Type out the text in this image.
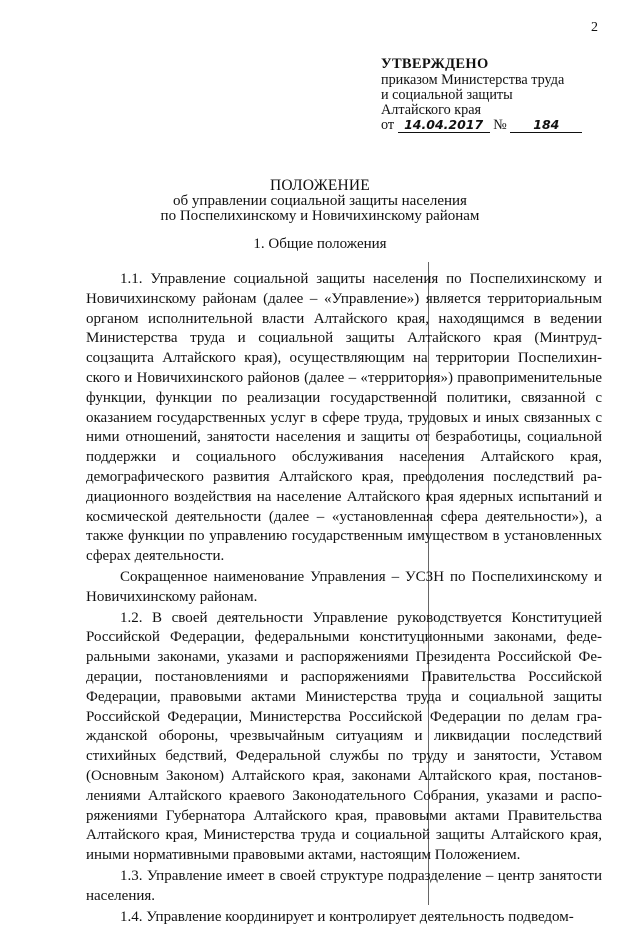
2
УТВЕРЖДЕНО
приказом Министерства труда
и социальной защиты
Алтайского края
от 14.04.2017 № 184
ПОЛОЖЕНИЕ
об управлении социальной защиты населения
по Поспелихинскому и Новичихинскому районам
1. Общие положения

1.1. Управление социальной защиты населения по Поспелихинскому и Новичихинскому районам (далее – «Управление») является территориальным органом исполнительной власти Алтайского края, находящимся в ведении Министерства труда и социальной защиты Алтайского края (Минтрудсоцзащита Алтайского края), осуществляющим на территории Поспелихинского и Новичихинского районов (далее – «территория») правоприменительные функции, функции по реализации государственной политики, связанной с оказанием государственных услуг в сфере труда, трудовых и иных связанных с ними отношений, занятости населения и защиты от безработицы, социальной поддержки и социального обслуживания населения Алтайского края, демографического развития Алтайского края, преодоления последствий радиационного воздействия на население Алтайского края ядерных испытаний и космической деятельности (далее – «установленная сфера деятельности»), а также функции по управлению государственным имуществом в установленных сферах деятельности.

Сокращенное наименование Управления – УСЗН по Поспелихинскому и Новичихинскому районам.

1.2. В своей деятельности Управление руководствуется Конституцией Российской Федерации, федеральными конституционными законами, федеральными законами, указами и распоряжениями Президента Российской Федерации, постановлениями и распоряжениями Правительства Российской Федерации, правовыми актами Министерства труда и социальной защиты Российской Федерации, Министерства Российской Федерации по делам гражданской обороны, чрезвычайным ситуациям и ликвидации последствий стихийных бедствий, Федеральной службы по труду и занятости, Уставом (Основным Законом) Алтайского края, законами Алтайского края, постановлениями Алтайского краевого Законодательного Собрания, указами и распоряжениями Губернатора Алтайского края, правовыми актами Правительства Алтайского края, Министерства труда и социальной защиты Алтайского края, иными нормативными правовыми актами, настоящим Положением.

1.3. Управление имеет в своей структуре подразделение – центр занятости населения.

1.4. Управление координирует и контролирует деятельность подведом-
